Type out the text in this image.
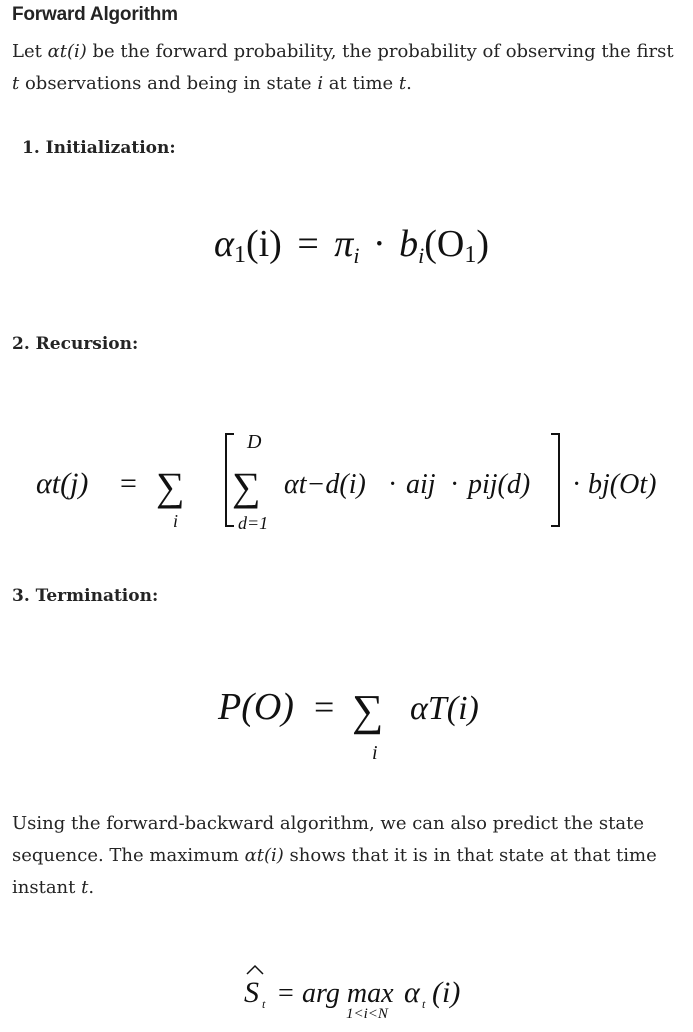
Forward Algorithm
Let αt(i) be the forward probability, the probability of observing the first t observations and being in state i at time t.
1. Initialization:
α1(i) = πi · bi(O1)
2. Recursion:
αt(j) = ∑
i
∑
D
d=1
αt−d(i) · aij · pij(d) · bj(Ot)
3. Termination:
P(O) = ∑
i
αT(i)
Using the forward-backward algorithm, we can also predict the state sequence. The maximum αt(i) shows that it is in that state at that time instant t.
S t = arg max
1<i<N
α t (i)
